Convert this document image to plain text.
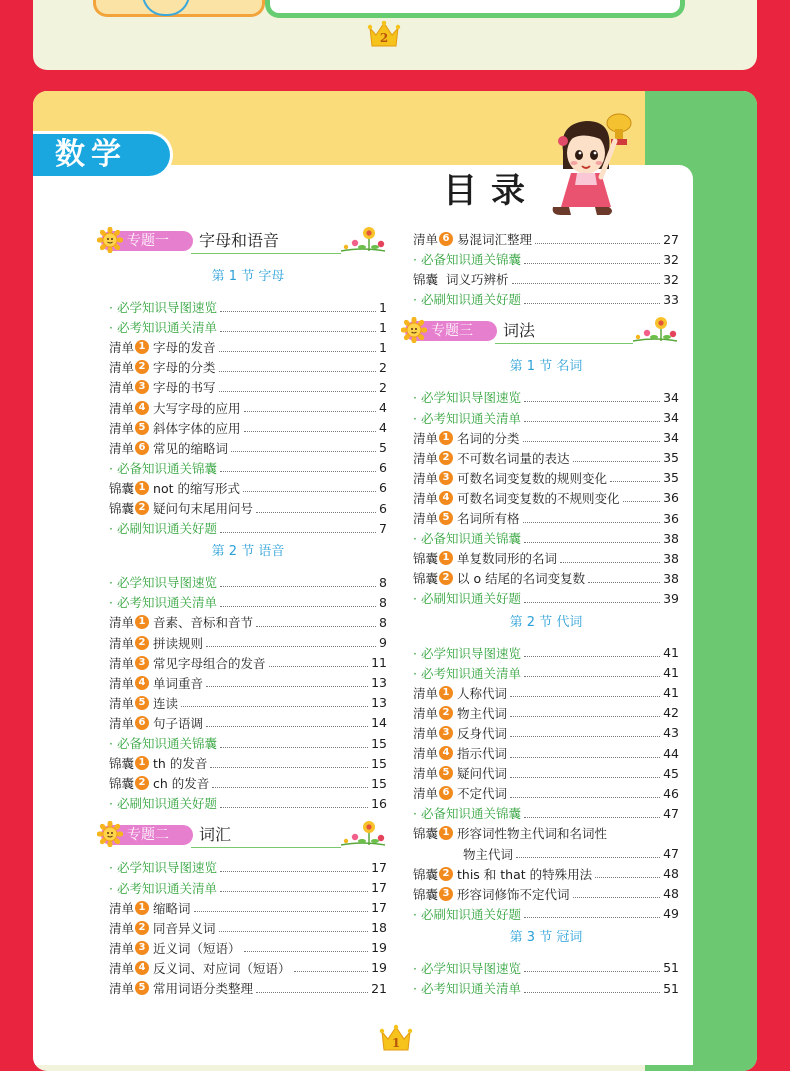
2
数学
目录
专题一	字母和语音
第 1 节 字母
· 必学知识导图速览	1
· 必考知识通关清单	1
清单 1 字母的发音	1
清单 2 字母的分类	2
清单 3 字母的书写	2
清单 4 大写字母的应用	4
清单 5 斜体字体的应用	4
清单 6 常见的缩略词	5
· 必备知识通关锦囊	6
锦囊 1 not 的缩写形式	6
锦囊 2 疑问句末尾用问号	6
· 必刷知识通关好题	7
第 2 节 语音
· 必学知识导图速览	8
· 必考知识通关清单	8
清单 1 音素、音标和音节	8
清单 2 拼读规则	9
清单 3 常见字母组合的发音	11
清单 4 单词重音	13
清单 5 连读	13
清单 6 句子语调	14
· 必备知识通关锦囊	15
锦囊 1 th 的发音	15
锦囊 2 ch 的发音	15
· 必刷知识通关好题	16
专题二	词汇
· 必学知识导图速览	17
· 必考知识通关清单	17
清单 1 缩略词	17
清单 2 同音异义词	18
清单 3 近义词（短语）	19
清单 4 反义词、对应词（短语）	19
清单 5 常用词语分类整理	21
清单 6 易混词汇整理	27
· 必备知识通关锦囊	32
锦囊 词义巧辨析	32
· 必刷知识通关好题	33
专题三	词法
第 1 节 名词
· 必学知识导图速览	34
· 必考知识通关清单	34
清单 1 名词的分类	34
清单 2 不可数名词量的表达	35
清单 3 可数名词变复数的规则变化	35
清单 4 可数名词变复数的不规则变化	36
清单 5 名词所有格	36
· 必备知识通关锦囊	38
锦囊 1 单复数同形的名词	38
锦囊 2 以 o 结尾的名词变复数	38
· 必刷知识通关好题	39
第 2 节 代词
· 必学知识导图速览	41
· 必考知识通关清单	41
清单 1 人称代词	41
清单 2 物主代词	42
清单 3 反身代词	43
清单 4 指示代词	44
清单 5 疑问代词	45
清单 6 不定代词	46
· 必备知识通关锦囊	47
锦囊 1 形容词性物主代词和名词性
物主代词	47
锦囊 2 this 和 that 的特殊用法	48
锦囊 3 形容词修饰不定代词	48
· 必刷知识通关好题	49
第 3 节 冠词
· 必学知识导图速览	51
· 必考知识通关清单	51
1
